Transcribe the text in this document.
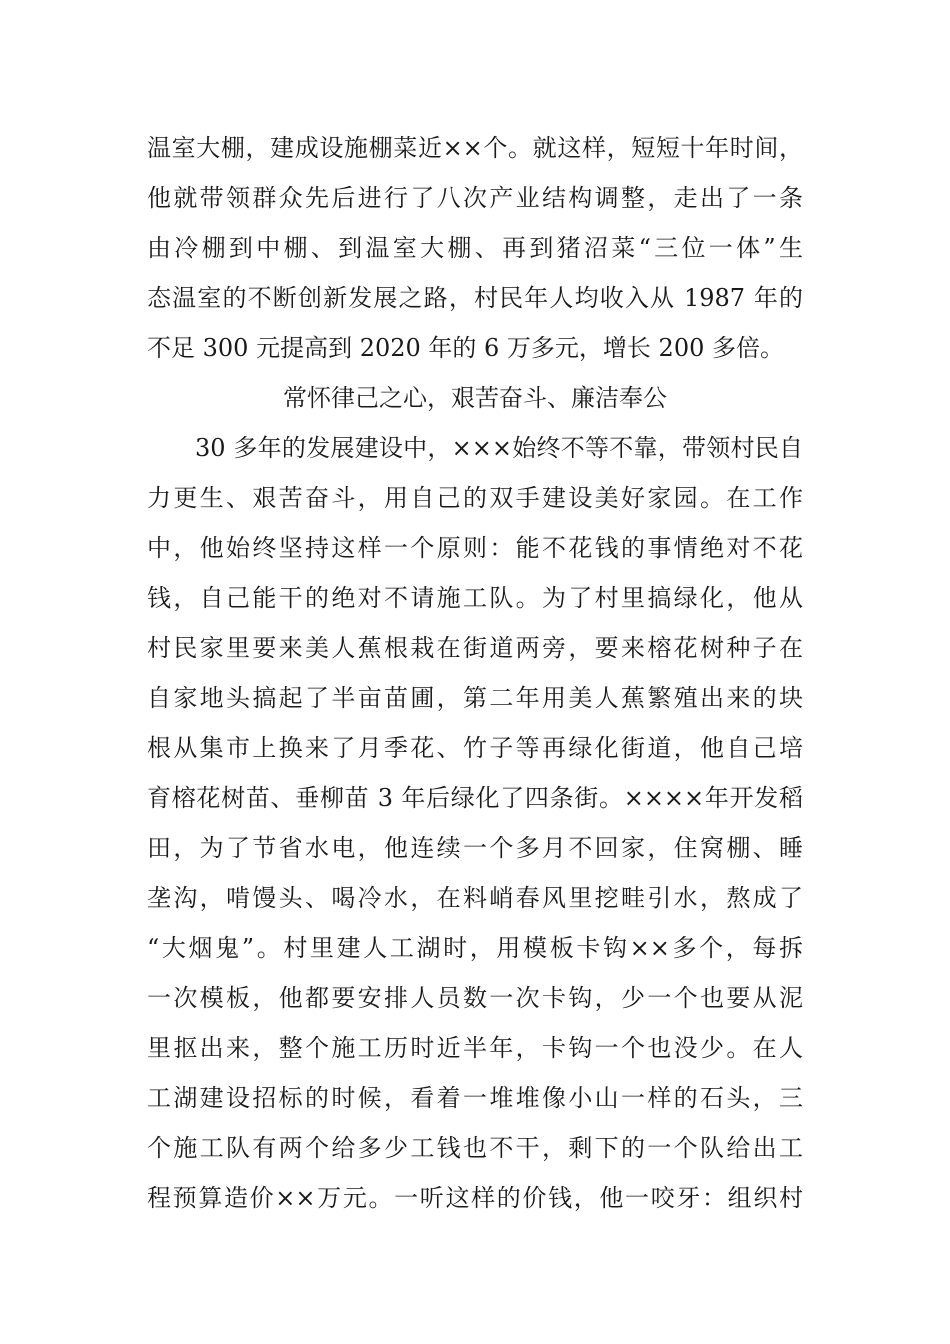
温室大棚，建成设施棚菜近××个。就这样，短短十年时间，
他就带领群众先后进行了八次产业结构调整，走出了一条
由冷棚到中棚、到温室大棚、再到猪沼菜“三位一体”生
态温室的不断创新发展之路，村民年人均收入从 1987 年的
不足 300 元提高到 2020 年的 6 万多元，增长 200 多倍。
常怀律己之心，艰苦奋斗、廉洁奉公
30 多年的发展建设中，×××始终不等不靠，带领村民自
力更生、艰苦奋斗，用自己的双手建设美好家园。在工作
中，他始终坚持这样一个原则：能不花钱的事情绝对不花
钱，自己能干的绝对不请施工队。为了村里搞绿化，他从
村民家里要来美人蕉根栽在街道两旁，要来榕花树种子在
自家地头搞起了半亩苗圃，第二年用美人蕉繁殖出来的块
根从集市上换来了月季花、竹子等再绿化街道，他自己培
育榕花树苗、垂柳苗 3 年后绿化了四条街。××××年开发稻
田，为了节省水电，他连续一个多月不回家，住窝棚、睡
垄沟，啃馒头、喝冷水，在料峭春风里挖畦引水，熬成了
“大烟鬼”。村里建人工湖时，用模板卡钩××多个，每拆
一次模板，他都要安排人员数一次卡钩，少一个也要从泥
里抠出来，整个施工历时近半年，卡钩一个也没少。在人
工湖建设招标的时候，看着一堆堆像小山一样的石头，三
个施工队有两个给多少工钱也不干，剩下的一个队给出工
程预算造价××万元。一听这样的价钱，他一咬牙：组织村
